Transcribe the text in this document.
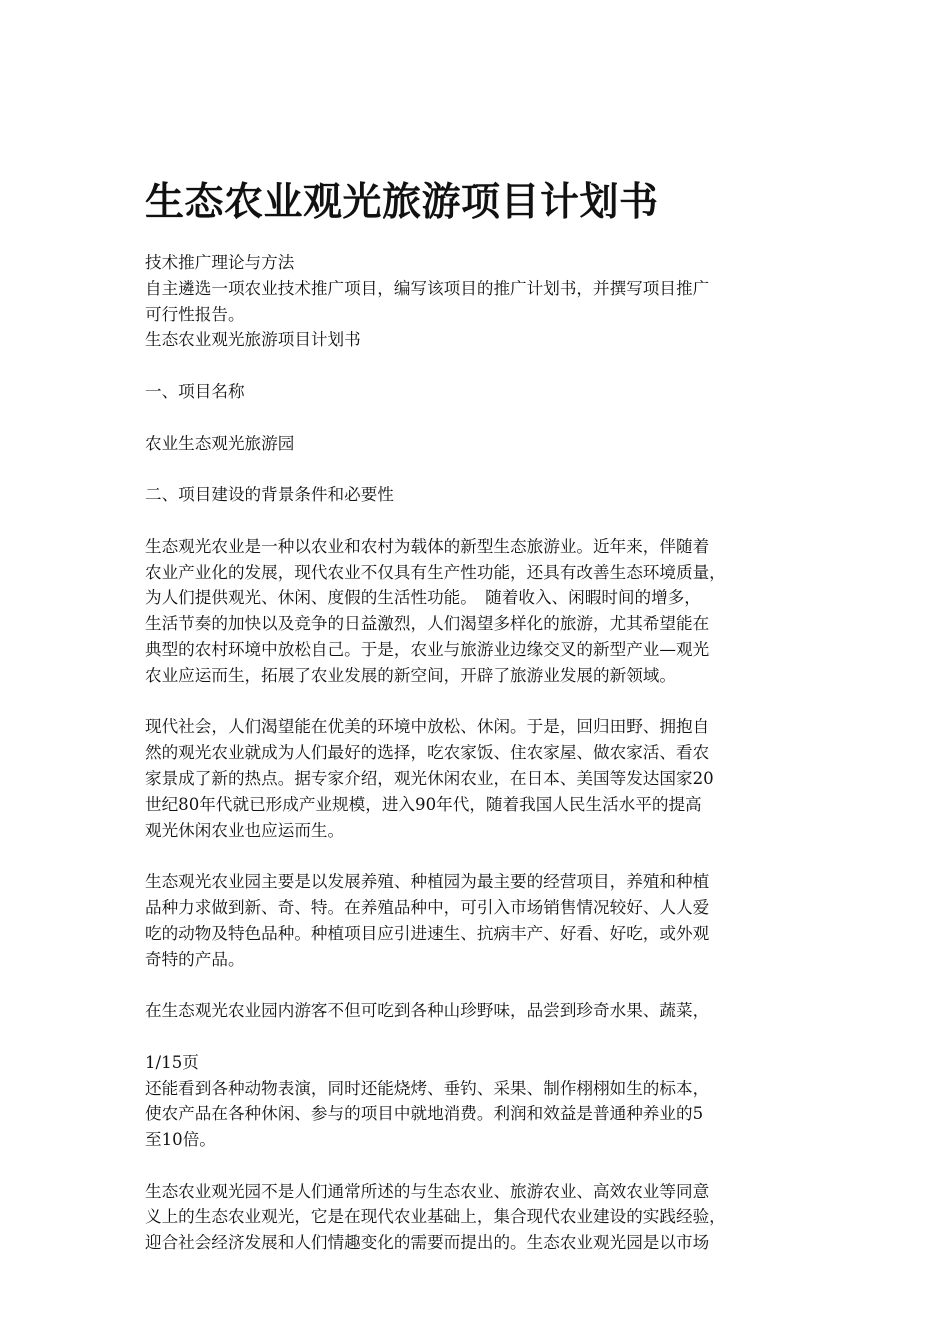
生态农业观光旅游项目计划书
技术推广理论与方法
自主遴选一项农业技术推广项目，编写该项目的推广计划书，并撰写项目推广
可行性报告。
生态农业观光旅游项目计划书
一、项目名称
农业生态观光旅游园
二、项目建设的背景条件和必要性
生态观光农业是一种以农业和农村为载体的新型生态旅游业。近年来，伴随着
农业产业化的发展，现代农业不仅具有生产性功能，还具有改善生态环境质量，
为人们提供观光、休闲、度假的生活性功能。　随着收入、闲暇时间的增多，
生活节奏的加快以及竞争的日益激烈，人们渴望多样化的旅游，尤其希望能在
典型的农村环境中放松自己。于是，农业与旅游业边缘交叉的新型产业—观光
农业应运而生，拓展了农业发展的新空间，开辟了旅游业发展的新领域。
现代社会，人们渴望能在优美的环境中放松、休闲。于是，回归田野、拥抱自
然的观光农业就成为人们最好的选择，吃农家饭、住农家屋、做农家活、看农
家景成了新的热点。据专家介绍，观光休闲农业，在日本、美国等发达国家20
世纪80年代就已形成产业规模，进入90年代，随着我国人民生活水平的提高
观光休闲农业也应运而生。
生态观光农业园主要是以发展养殖、种植园为最主要的经营项目，养殖和种植
品种力求做到新、奇、特。在养殖品种中，可引入市场销售情况较好、人人爱
吃的动物及特色品种。种植项目应引进速生、抗病丰产、好看、好吃，或外观
奇特的产品。
在生态观光农业园内游客不但可吃到各种山珍野味，品尝到珍奇水果、蔬菜，
1/15页
还能看到各种动物表演，同时还能烧烤、垂钓、采果、制作栩栩如生的标本，
使农产品在各种休闲、参与的项目中就地消费。利润和效益是普通种养业的5
至10倍。
生态农业观光园不是人们通常所述的与生态农业、旅游农业、高效农业等同意
义上的生态农业观光，它是在现代农业基础上，集合现代农业建设的实践经验，
迎合社会经济发展和人们情趣变化的需要而提出的。生态农业观光园是以市场
